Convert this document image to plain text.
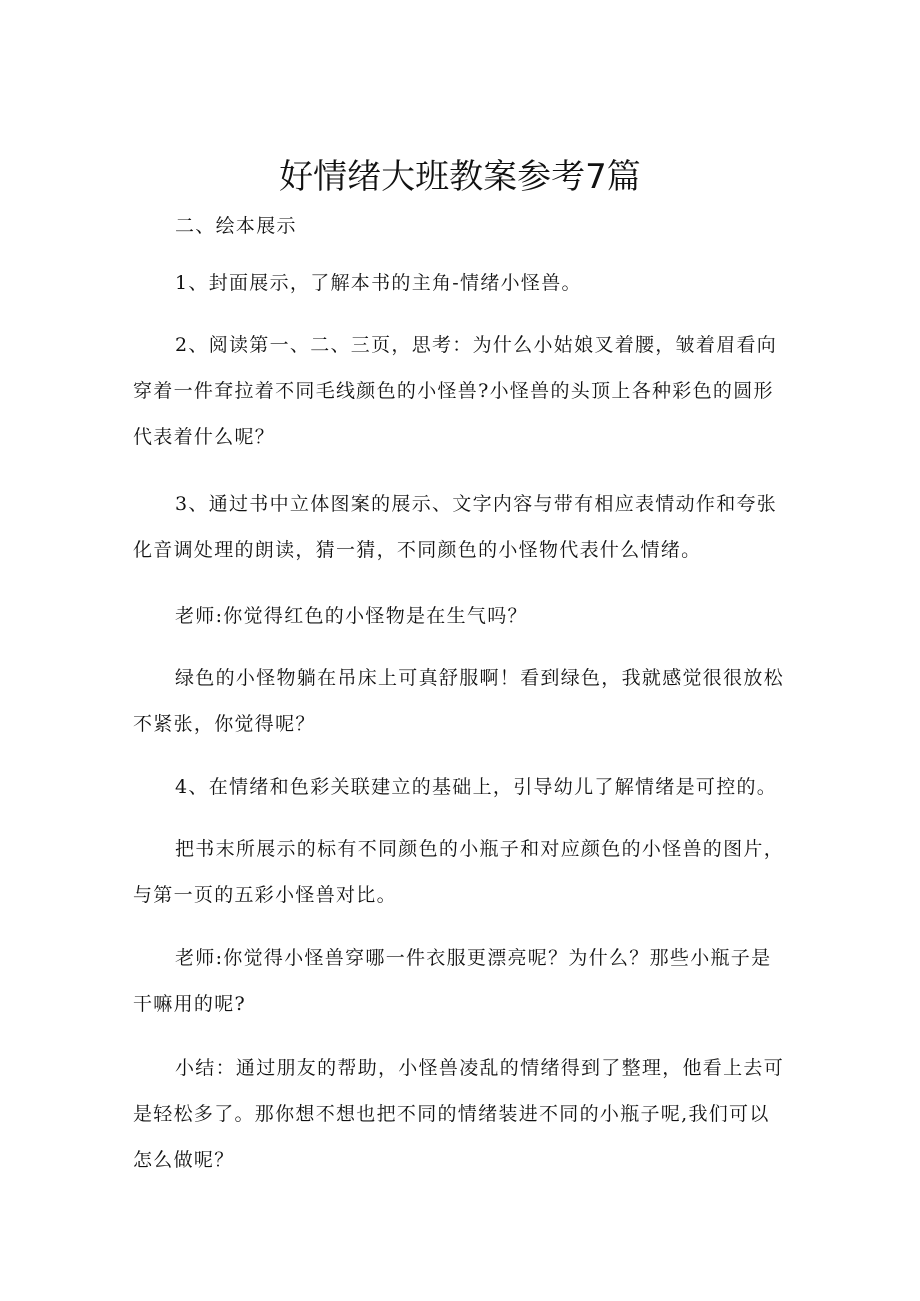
好情绪大班教案参考7篇

二、绘本展示

1、封面展示，了解本书的主角-情绪小怪兽。

2、阅读第一、二、三页，思考：为什么小姑娘叉着腰，皱着眉看向穿着一件耷拉着不同毛线颜色的小怪兽?小怪兽的头顶上各种彩色的圆形代表着什么呢？

3、通过书中立体图案的展示、文字内容与带有相应表情动作和夸张化音调处理的朗读，猜一猜，不同颜色的小怪物代表什么情绪。

老师:你觉得红色的小怪物是在生气吗？

绿色的小怪物躺在吊床上可真舒服啊！看到绿色，我就感觉很很放松不紧张，你觉得呢？

4、在情绪和色彩关联建立的基础上，引导幼儿了解情绪是可控的。

把书末所展示的标有不同颜色的小瓶子和对应颜色的小怪兽的图片，与第一页的五彩小怪兽对比。

老师:你觉得小怪兽穿哪一件衣服更漂亮呢？为什么？那些小瓶子是干嘛用的呢?

小结：通过朋友的帮助，小怪兽凌乱的情绪得到了整理，他看上去可是轻松多了。那你想不想也把不同的情绪装进不同的小瓶子呢,我们可以怎么做呢？
